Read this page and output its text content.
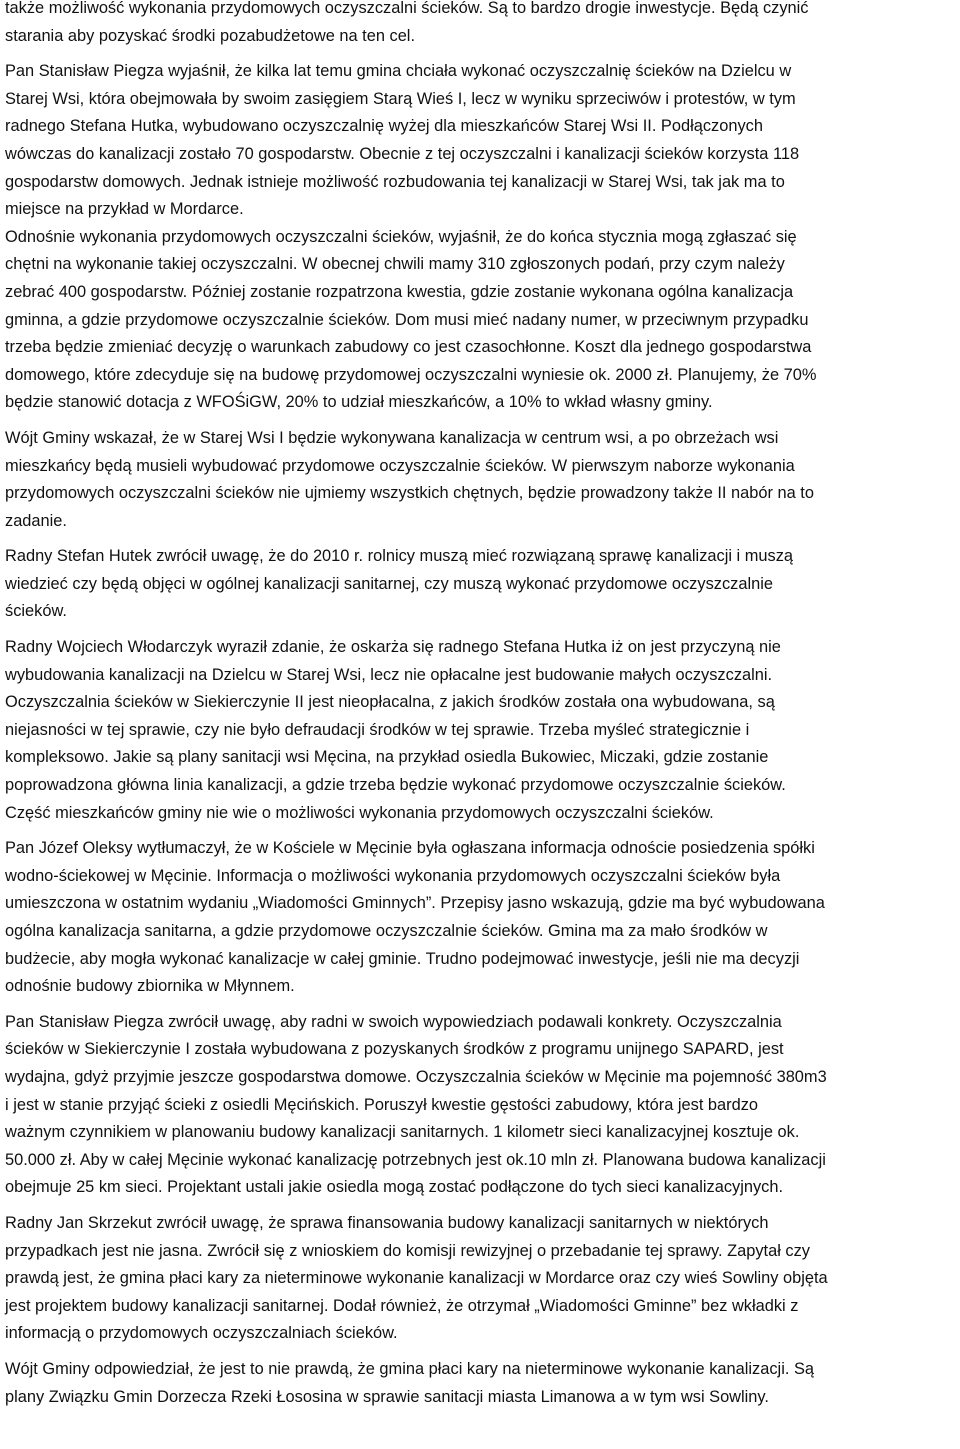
także możliwość wykonania przydomowych oczyszczalni ścieków. Są to bardzo drogie inwestycje. Będą czynić
starania aby pozyskać środki pozabudżetowe na ten cel.

Pan Stanisław Piegza wyjaśnił, że kilka lat temu gmina chciała wykonać oczyszczalnię ścieków na Dzielcu w
Starej Wsi, która obejmowała by swoim zasięgiem Starą Wieś I, lecz w wyniku sprzeciwów i protestów, w tym
radnego Stefana Hutka, wybudowano oczyszczalnię wyżej dla mieszkańców Starej Wsi II. Podłączonych
wówczas do kanalizacji zostało 70 gospodarstw. Obecnie z tej oczyszczalni i kanalizacji ścieków korzysta 118
gospodarstw domowych. Jednak istnieje możliwość rozbudowania tej kanalizacji w Starej Wsi, tak jak ma to
miejsce na przykład w Mordarce.
Odnośnie wykonania przydomowych oczyszczalni ścieków, wyjaśnił, że do końca stycznia mogą zgłaszać się
chętni na wykonanie takiej oczyszczalni. W obecnej chwili mamy 310 zgłoszonych podań, przy czym należy
zebrać 400 gospodarstw. Później zostanie rozpatrzona kwestia, gdzie zostanie wykonana ogólna kanalizacja
gminna, a gdzie przydomowe oczyszczalnie ścieków. Dom musi mieć nadany numer, w przeciwnym przypadku
trzeba będzie zmieniać decyzję o warunkach zabudowy co jest czasochłonne. Koszt dla jednego gospodarstwa
domowego, które zdecyduje się na budowę przydomowej oczyszczalni wyniesie ok. 2000 zł. Planujemy, że 70%
będzie stanowić dotacja z WFOŚiGW, 20% to udział mieszkańców, a 10% to wkład własny gminy.

Wójt Gminy wskazał, że w Starej Wsi I będzie wykonywana kanalizacja w centrum wsi, a po obrzeżach wsi
mieszkańcy będą musieli wybudować przydomowe oczyszczalnie ścieków. W pierwszym naborze wykonania
przydomowych oczyszczalni ścieków nie ujmiemy wszystkich chętnych, będzie prowadzony także II nabór na to
zadanie.

Radny Stefan Hutek zwrócił uwagę, że do 2010 r. rolnicy muszą mieć rozwiązaną sprawę kanalizacji i muszą
wiedzieć czy będą objęci w ogólnej kanalizacji sanitarnej, czy muszą wykonać przydomowe oczyszczalnie
ścieków.

Radny Wojciech Włodarczyk wyraził zdanie, że oskarża się radnego Stefana Hutka iż on jest przyczyną nie
wybudowania kanalizacji na Dzielcu w Starej Wsi, lecz nie opłacalne jest budowanie małych oczyszczalni.
Oczyszczalnia ścieków w Siekierczynie II jest nieopłacalna, z jakich środków została ona wybudowana, są
niejasności w tej sprawie, czy nie było defraudacji środków w tej sprawie. Trzeba myśleć strategicznie i
kompleksowo. Jakie są plany sanitacji wsi Męcina, na przykład osiedla Bukowiec, Miczaki, gdzie zostanie
poprowadzona główna linia kanalizacji, a gdzie trzeba będzie wykonać przydomowe oczyszczalnie ścieków.
Część mieszkańców gminy nie wie o możliwości wykonania przydomowych oczyszczalni ścieków.

Pan Józef Oleksy wytłumaczył, że w Kościele w Męcinie była ogłaszana informacja odnoście posiedzenia spółki
wodno-ściekowej w Męcinie. Informacja o możliwości wykonania przydomowych oczyszczalni ścieków była
umieszczona w ostatnim wydaniu „Wiadomości Gminnych”. Przepisy jasno wskazują, gdzie ma być wybudowana
ogólna kanalizacja sanitarna, a gdzie przydomowe oczyszczalnie ścieków. Gmina ma za mało środków w
budżecie, aby mogła wykonać kanalizacje w całej gminie. Trudno podejmować inwestycje, jeśli nie ma decyzji
odnośnie budowy zbiornika w Młynnem.

Pan Stanisław Piegza zwrócił uwagę, aby radni w swoich wypowiedziach podawali konkrety. Oczyszczalnia
ścieków w Siekierczynie I została wybudowana z pozyskanych środków z programu unijnego SAPARD, jest
wydajna, gdyż przyjmie jeszcze gospodarstwa domowe. Oczyszczalnia ścieków w Męcinie ma pojemność 380m3
i jest w stanie przyjąć ścieki z osiedli Męcińskich. Poruszył kwestie gęstości zabudowy, która jest bardzo
ważnym czynnikiem w planowaniu budowy kanalizacji sanitarnych. 1 kilometr sieci kanalizacyjnej kosztuje ok.
50.000 zł. Aby w całej Męcinie wykonać kanalizację potrzebnych jest ok.10 mln zł. Planowana budowa kanalizacji
obejmuje 25 km sieci. Projektant ustali jakie osiedla mogą zostać podłączone do tych sieci kanalizacyjnych.

Radny Jan Skrzekut zwrócił uwagę, że sprawa finansowania budowy kanalizacji sanitarnych w niektórych
przypadkach jest nie jasna. Zwrócił się z wnioskiem do komisji rewizyjnej o przebadanie tej sprawy. Zapytał czy
prawdą jest, że gmina płaci kary za nieterminowe wykonanie kanalizacji w Mordarce oraz czy wieś Sowliny objęta
jest projektem budowy kanalizacji sanitarnej. Dodał również, że otrzymał „Wiadomości Gminne” bez wkładki z
informacją o przydomowych oczyszczalniach ścieków.

Wójt Gminy odpowiedział, że jest to nie prawdą, że gmina płaci kary na nieterminowe wykonanie kanalizacji. Są
plany Związku Gmin Dorzecza Rzeki Łososina w sprawie sanitacji miasta Limanowa a w tym wsi Sowliny.
